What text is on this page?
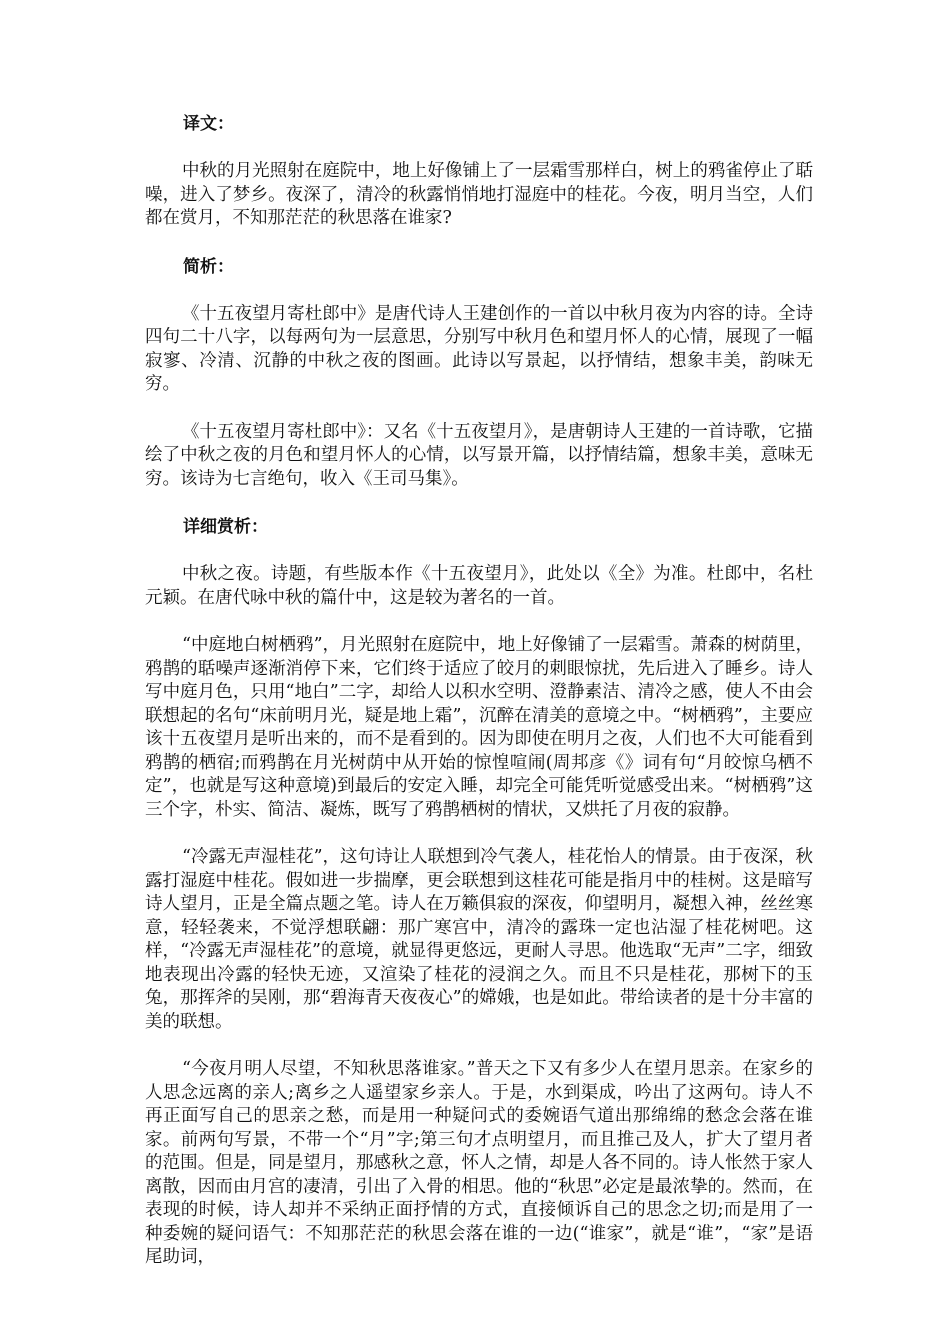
译文：

中秋的月光照射在庭院中，地上好像铺上了一层霜雪那样白，树上的鸦雀停止了聒噪，进入了梦乡。夜深了，清冷的秋露悄悄地打湿庭中的桂花。今夜，明月当空，人们都在赏月，不知那茫茫的秋思落在谁家?

简析：

《十五夜望月寄杜郎中》是唐代诗人王建创作的一首以中秋月夜为内容的诗。全诗四句二十八字，以每两句为一层意思，分别写中秋月色和望月怀人的心情，展现了一幅寂寥、冷清、沉静的中秋之夜的图画。此诗以写景起，以抒情结，想象丰美，韵味无穷。

《十五夜望月寄杜郎中》：又名《十五夜望月》，是唐朝诗人王建的一首诗歌，它描绘了中秋之夜的月色和望月怀人的心情，以写景开篇，以抒情结篇，想象丰美，意味无穷。该诗为七言绝句，收入《王司马集》。

详细赏析：

中秋之夜。诗题，有些版本作《十五夜望月》，此处以《全》为准。杜郎中，名杜元颖。在唐代咏中秋的篇什中，这是较为著名的一首。

“中庭地白树栖鸦”，月光照射在庭院中，地上好像铺了一层霜雪。萧森的树荫里，鸦鹊的聒噪声逐渐消停下来，它们终于适应了皎月的刺眼惊扰，先后进入了睡乡。诗人写中庭月色，只用“地白”二字，却给人以积水空明、澄静素洁、清冷之感，使人不由会联想起的名句“床前明月光，疑是地上霜”，沉醉在清美的意境之中。“树栖鸦”，主要应该十五夜望月是听出来的，而不是看到的。因为即使在明月之夜，人们也不大可能看到鸦鹊的栖宿;而鸦鹊在月光树荫中从开始的惊惶喧闹(周邦彦《》词有句“月皎惊乌栖不定”，也就是写这种意境)到最后的安定入睡，却完全可能凭听觉感受出来。“树栖鸦”这三个字，朴实、简洁、凝炼，既写了鸦鹊栖树的情状，又烘托了月夜的寂静。

“冷露无声湿桂花”，这句诗让人联想到冷气袭人，桂花怡人的情景。由于夜深，秋露打湿庭中桂花。假如进一步揣摩，更会联想到这桂花可能是指月中的桂树。这是暗写诗人望月，正是全篇点题之笔。诗人在万籁俱寂的深夜，仰望明月，凝想入神，丝丝寒意，轻轻袭来，不觉浮想联翩：那广寒宫中，清冷的露珠一定也沾湿了桂花树吧。这样，“冷露无声湿桂花”的意境，就显得更悠远，更耐人寻思。他选取“无声”二字，细致地表现出冷露的轻快无迹，又渲染了桂花的浸润之久。而且不只是桂花，那树下的玉兔，那挥斧的吴刚，那“碧海青天夜夜心”的嫦娥，也是如此。带给读者的是十分丰富的美的联想。

“今夜月明人尽望，不知秋思落谁家。”普天之下又有多少人在望月思亲。在家乡的人思念远离的亲人;离乡之人遥望家乡亲人。于是，水到渠成，吟出了这两句。诗人不再正面写自己的思亲之愁，而是用一种疑问式的委婉语气道出那绵绵的愁念会落在谁家。前两句写景，不带一个“月”字;第三句才点明望月，而且推己及人，扩大了望月者的范围。但是，同是望月，那感秋之意，怀人之情，却是人各不同的。诗人怅然于家人离散，因而由月宫的凄清，引出了入骨的相思。他的“秋思”必定是最浓挚的。然而，在表现的时候，诗人却并不采纳正面抒情的方式，直接倾诉自己的思念之切;而是用了一种委婉的疑问语气：不知那茫茫的秋思会落在谁的一边(“谁家”，就是“谁”，“家”是语尾助词，
